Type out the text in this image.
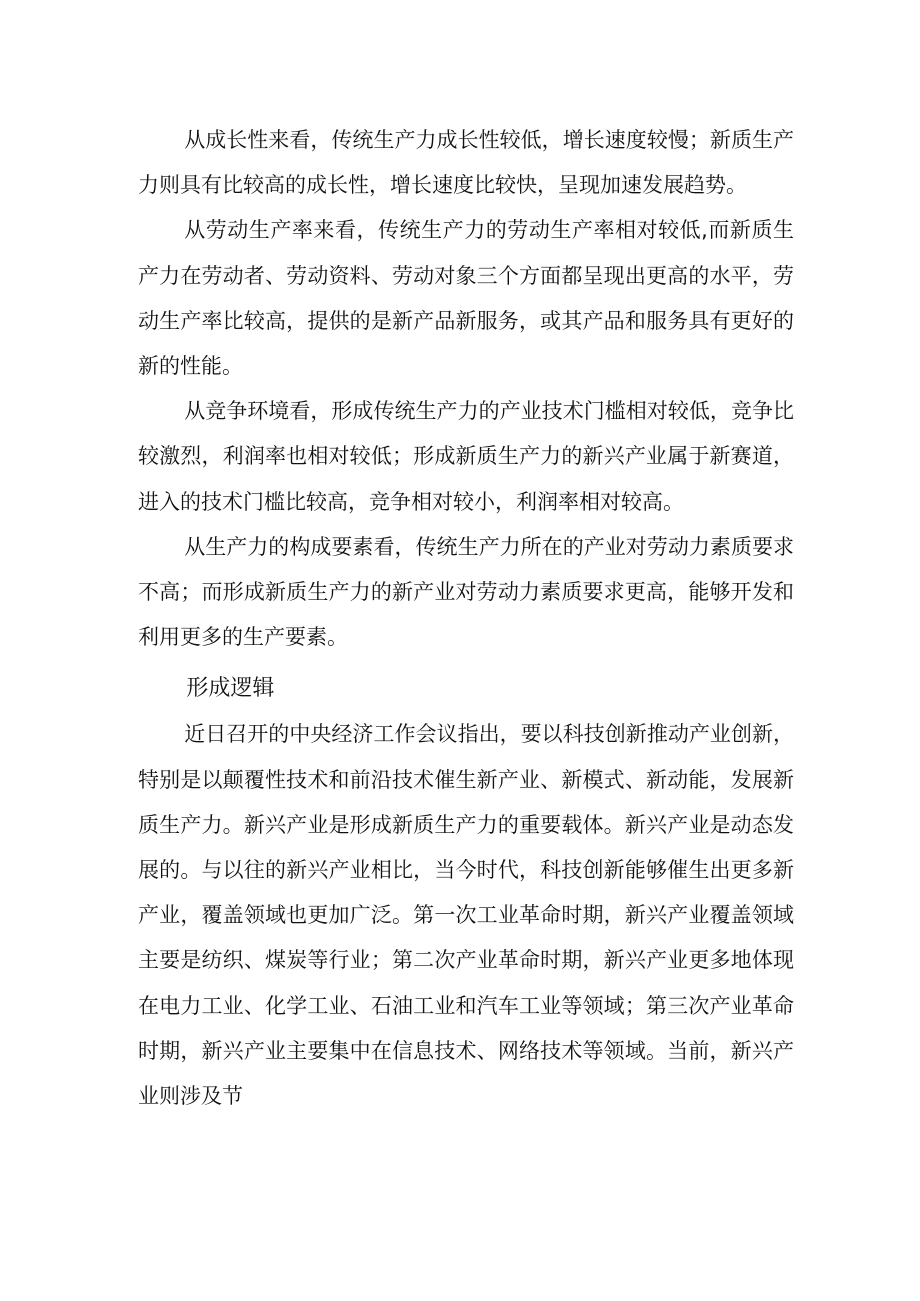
从成长性来看，传统生产力成长性较低，增长速度较慢；新质生产力则具有比较高的成长性，增长速度比较快，呈现加速发展趋势。

从劳动生产率来看，传统生产力的劳动生产率相对较低,而新质生产力在劳动者、劳动资料、劳动对象三个方面都呈现出更高的水平，劳动生产率比较高，提供的是新产品新服务，或其产品和服务具有更好的新的性能。

从竞争环境看，形成传统生产力的产业技术门槛相对较低，竞争比较激烈，利润率也相对较低；形成新质生产力的新兴产业属于新赛道，进入的技术门槛比较高，竞争相对较小，利润率相对较高。

从生产力的构成要素看，传统生产力所在的产业对劳动力素质要求不高；而形成新质生产力的新产业对劳动力素质要求更高，能够开发和利用更多的生产要素。

形成逻辑

近日召开的中央经济工作会议指出，要以科技创新推动产业创新，特别是以颠覆性技术和前沿技术催生新产业、新模式、新动能，发展新质生产力。新兴产业是形成新质生产力的重要载体。新兴产业是动态发展的。与以往的新兴产业相比，当今时代，科技创新能够催生出更多新产业，覆盖领域也更加广泛。第一次工业革命时期，新兴产业覆盖领域主要是纺织、煤炭等行业；第二次产业革命时期，新兴产业更多地体现在电力工业、化学工业、石油工业和汽车工业等领域；第三次产业革命时期，新兴产业主要集中在信息技术、网络技术等领域。当前，新兴产业则涉及节
